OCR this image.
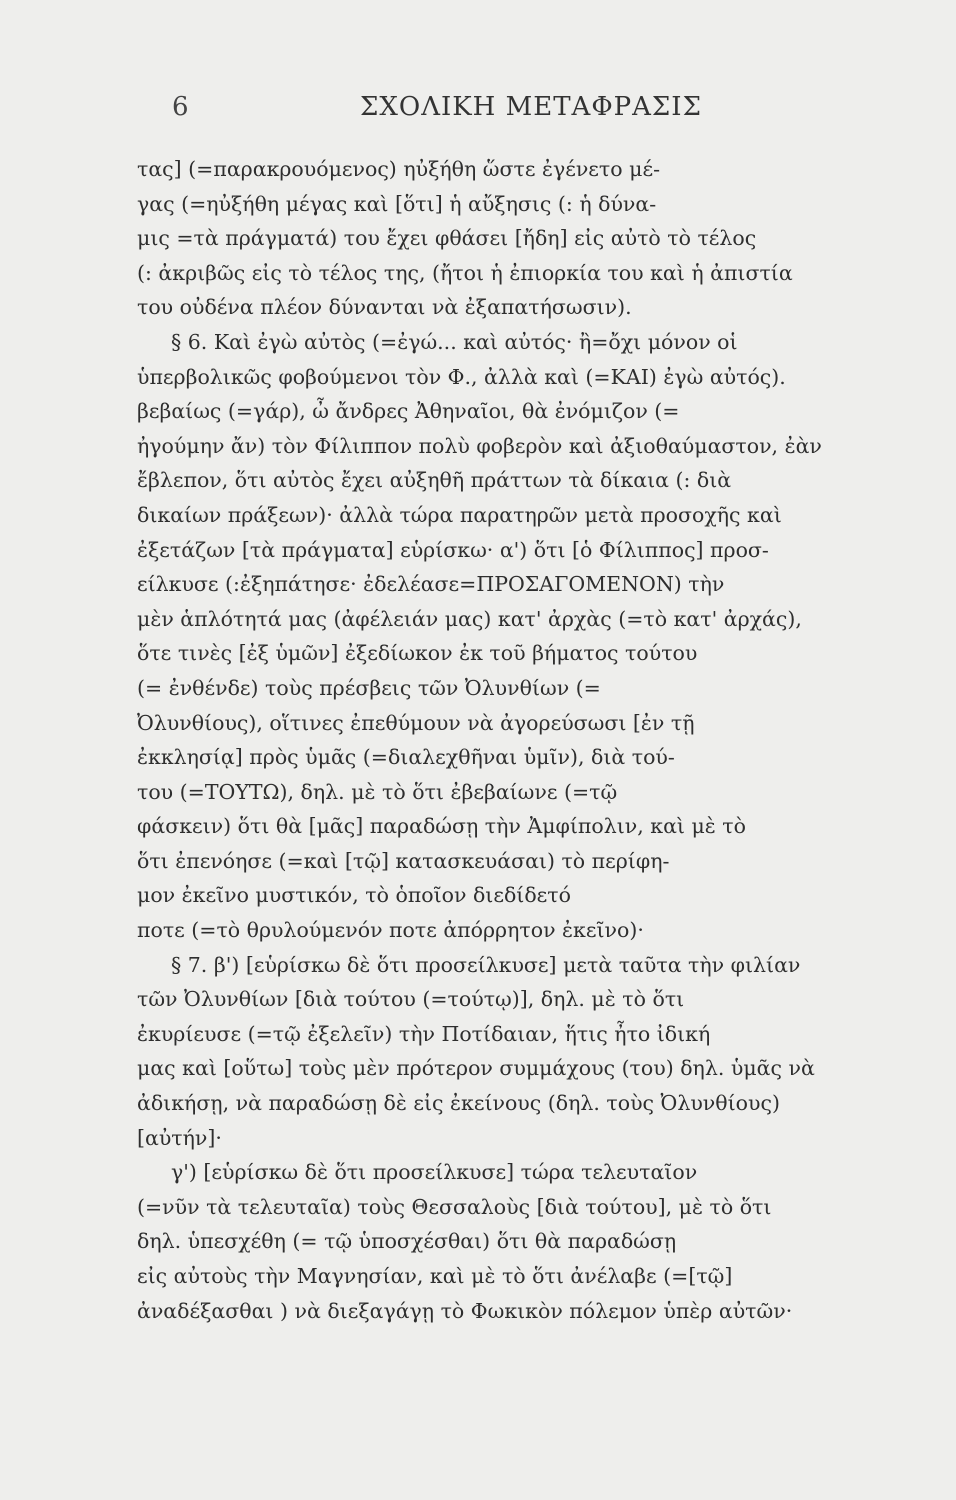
6	ΣΧΟΛΙΚΗ ΜΕΤΑΦΡΑΣΙΣ
τας] (=παρακρουόμενος) ηὐξήθη ὥστε ἐγένετο μέ-
γας (=ηὐξήθη μέγας καὶ [ὅτι] ἡ αὔξησις (: ἡ δύνα-
μις =τὰ πράγματά) του ἔχει φθάσει [ἤδη] εἰς αὐτὸ τὸ τέλος
(: ἀκριβῶς εἰς τὸ τέλος της, (ἤτοι ἡ ἐπιορκία του καὶ ἡ ἀπιστία
του οὐδένα πλέον δύνανται νὰ ἐξαπατήσωσιν).
§ 6. Καὶ ἐγὼ αὐτὸς (=ἐγώ... καὶ αὐτός· ἢ=ὄχι μόνον οἱ
ὑπερβολικῶς φοβούμενοι τὸν Φ., ἀλλὰ καὶ (=ΚΑΙ) ἐγὼ αὐτός).
βεβαίως (=γάρ), ὦ ἄνδρες Ἀθηναῖοι, θὰ ἐνόμιζον (=
ἠγούμην ἄν) τὸν Φίλιππον πολὺ φοβερὸν καὶ ἀξιοθαύμαστον, ἐὰν
ἔβλεπον, ὅτι αὐτὸς ἔχει αὐξηθῆ πράττων τὰ δίκαια (: διὰ
δικαίων πράξεων)· ἀλλὰ τώρα παρατηρῶν μετὰ προσοχῆς καὶ
ἐξετάζων [τὰ πράγματα] εὑρίσκω· α') ὅτι [ὁ Φίλιππος] προσ-
είλκυσε (:ἐξηπάτησε· ἐδελέασε=ΠΡΟΣΑΓΟΜΕΝΟΝ) τὴν
μὲν ἁπλότητά μας (ἀφέλειάν μας) κατ' ἀρχὰς (=τὸ κατ' ἀρχάς),
ὅτε τινὲς [ἐξ ὑμῶν] ἐξεδίωκον ἐκ τοῦ βήματος τούτου
(= ἐνθένδε) τοὺς πρέσβεις τῶν Ὀλυνθίων (=
Ὀλυνθίους), οἵτινες ἐπεθύμουν νὰ ἀγορεύσωσι [ἐν τῇ
ἐκκλησίᾳ] πρὸς ὑμᾶς (=διαλεχθῆναι ὑμῖν), διὰ τού-
του (=ΤΟΥΤΩ), δηλ. μὲ τὸ ὅτι ἐβεβαίωνε (=τῷ
φάσκειν) ὅτι θὰ [μᾶς] παραδώσῃ τὴν Ἀμφίπολιν, καὶ μὲ τὸ
ὅτι ἐπενόησε (=καὶ [τῷ] κατασκευάσαι) τὸ περίφη-
μον ἐκεῖνο μυστικόν, τὸ ὁποῖον διεδίδετό
ποτε (=τὸ θρυλούμενόν ποτε ἀπόρρητον ἐκεῖνο)·
§ 7. β') [εὑρίσκω δὲ ὅτι προσείλκυσε] μετὰ ταῦτα τὴν φιλίαν
τῶν Ὀλυνθίων [διὰ τούτου (=τούτῳ)], δηλ. μὲ τὸ ὅτι
ἐκυρίευσε (=τῷ ἐξελεῖν) τὴν Ποτίδαιαν, ἥτις ἦτο ἰδική
μας καὶ [οὕτω] τοὺς μὲν πρότερον συμμάχους (του) δηλ. ὑμᾶς νὰ
ἀδικήσῃ, νὰ παραδώσῃ δὲ εἰς ἐκείνους (δηλ. τοὺς Ὀλυνθίους)
[αὐτήν]·
γ') [εὑρίσκω δὲ ὅτι προσείλκυσε] τώρα τελευταῖον
(=νῦν τὰ τελευταῖα) τοὺς Θεσσαλοὺς [διὰ τούτου], μὲ τὸ ὅτι
δηλ. ὑπεσχέθη (= τῷ ὑποσχέσθαι) ὅτι θὰ παραδώσῃ
εἰς αὐτοὺς τὴν Μαγνησίαν, καὶ μὲ τὸ ὅτι ἀνέλαβε (=[τῷ]
ἀναδέξασθαι ) νὰ διεξαγάγῃ τὸ Φωκικὸν πόλεμον ὑπὲρ αὐτῶν·
